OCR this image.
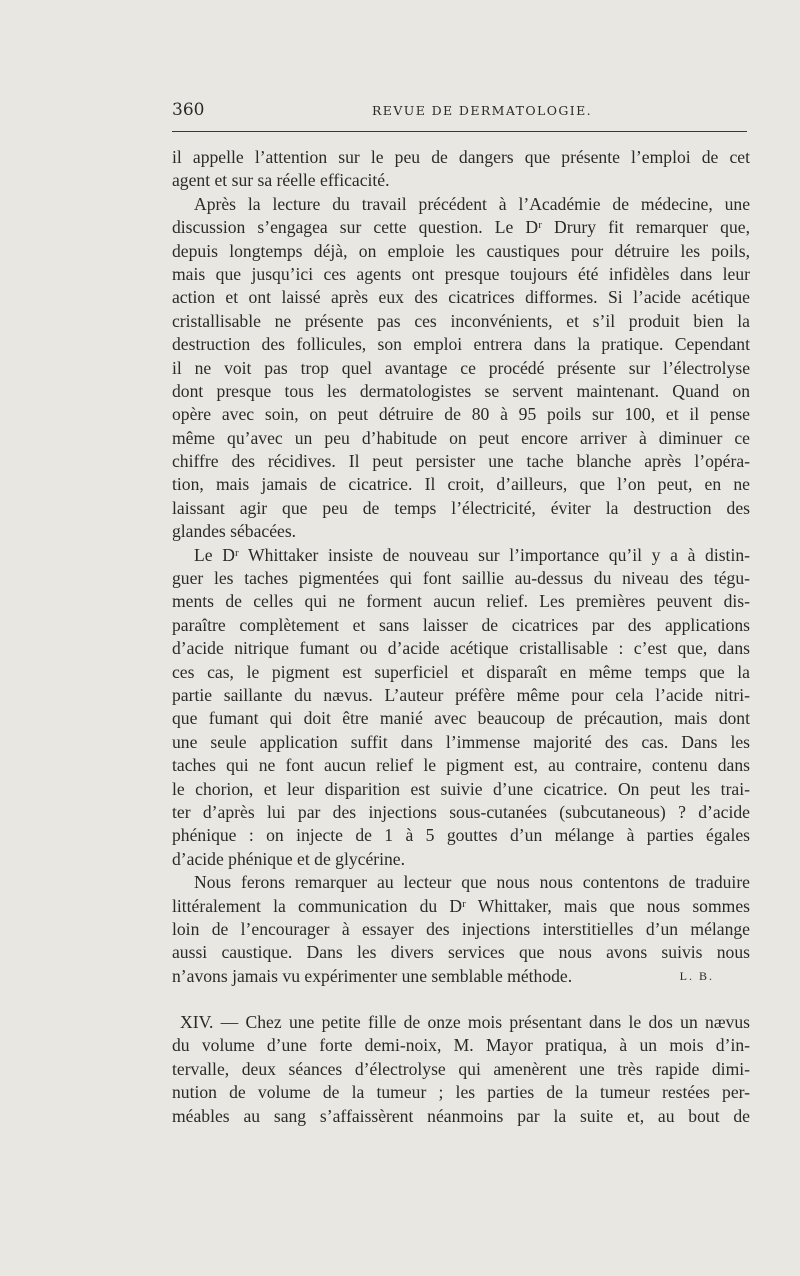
360	REVUE DE DERMATOLOGIE.
il appelle l’attention sur le peu de dangers que présente l’emploi de cet
agent et sur sa réelle efficacité.
Après la lecture du travail précédent à l’Académie de médecine, une
discussion s’engagea sur cette question. Le Dʳ Drury fit remarquer que,
depuis longtemps déjà, on emploie les caustiques pour détruire les poils,
mais que jusqu’ici ces agents ont presque toujours été infidèles dans leur
action et ont laissé après eux des cicatrices difformes. Si l’acide acétique
cristallisable ne présente pas ces inconvénients, et s’il produit bien la
destruction des follicules, son emploi entrera dans la pratique. Cependant
il ne voit pas trop quel avantage ce procédé présente sur l’électrolyse
dont presque tous les dermatologistes se servent maintenant. Quand on
opère avec soin, on peut détruire de 80 à 95 poils sur 100, et il pense
même qu’avec un peu d’habitude on peut encore arriver à diminuer ce
chiffre des récidives. Il peut persister une tache blanche après l’opéra-
tion, mais jamais de cicatrice. Il croit, d’ailleurs, que l’on peut, en ne
laissant agir que peu de temps l’électricité, éviter la destruction des
glandes sébacées.
Le Dʳ Whittaker insiste de nouveau sur l’importance qu’il y a à distin-
guer les taches pigmentées qui font saillie au-dessus du niveau des tégu-
ments de celles qui ne forment aucun relief. Les premières peuvent dis-
paraître complètement et sans laisser de cicatrices par des applications
d’acide nitrique fumant ou d’acide acétique cristallisable : c’est que, dans
ces cas, le pigment est superficiel et disparaît en même temps que la
partie saillante du nævus. L’auteur préfère même pour cela l’acide nitri-
que fumant qui doit être manié avec beaucoup de précaution, mais dont
une seule application suffit dans l’immense majorité des cas. Dans les
taches qui ne font aucun relief le pigment est, au contraire, contenu dans
le chorion, et leur disparition est suivie d’une cicatrice. On peut les trai-
ter d’après lui par des injections sous-cutanées (subcutaneous) ? d’acide
phénique : on injecte de 1 à 5 gouttes d’un mélange à parties égales
d’acide phénique et de glycérine.
Nous ferons remarquer au lecteur que nous nous contentons de traduire
littéralement la communication du Dʳ Whittaker, mais que nous sommes
loin de l’encourager à essayer des injections interstitielles d’un mélange
aussi caustique. Dans les divers services que nous avons suivis nous
n’avons jamais vu expérimenter une semblable méthode.	L. B.
XIV. — Chez une petite fille de onze mois présentant dans le dos un nævus
du volume d’une forte demi-noix, M. Mayor pratiqua, à un mois d’in-
tervalle, deux séances d’électrolyse qui amenèrent une très rapide dimi-
nution de volume de la tumeur ; les parties de la tumeur restées per-
méables au sang s’affaissèrent néanmoins par la suite et, au bout de
